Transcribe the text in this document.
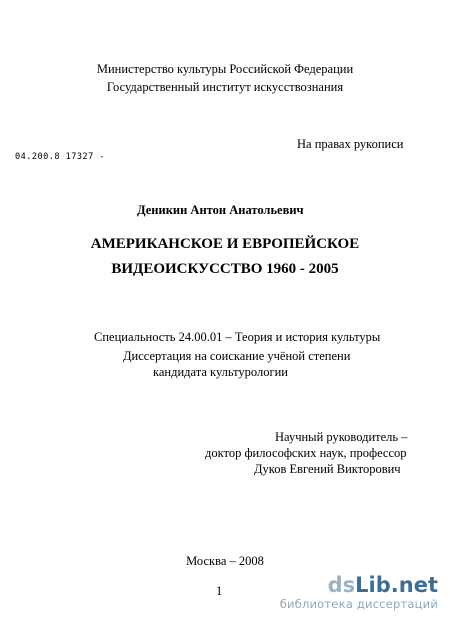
Министерство культуры Российской Федерации
Государственный институт искусствознания
На правах рукописи
04.200.8 17327 -
Деникин Антон Анатольевич
АМЕРИКАНСКОЕ И ЕВРОПЕЙСКОЕ
ВИДЕОИСКУССТВО 1960 - 2005
Специальность 24.00.01 – Теория и история культуры
Диссертация на соискание учёной степени
кандидата культурологии
Научный руководитель –
доктор философских наук, профессор
Дуков Евгений Викторович
Москва – 2008
1	dsLib.net
библиотека диссертаций
